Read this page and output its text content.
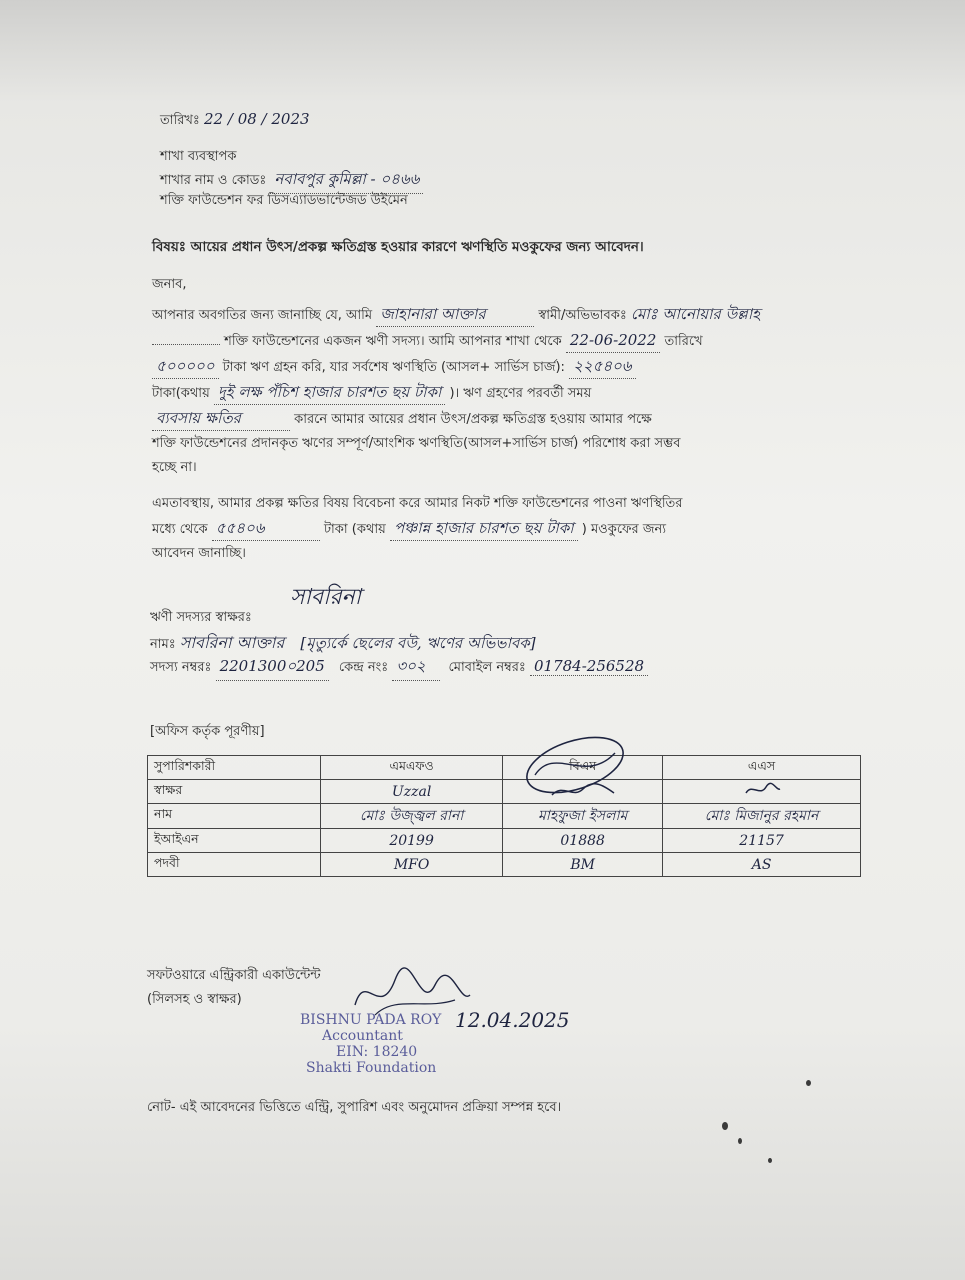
তারিখঃ 22 / 08 / 2023
শাখা ব্যবস্থাপক
শাখার নাম ও কোডঃ নবাবপুর কুমিল্লা - ০৪৬৬
শক্তি ফাউন্ডেশন ফর ডিসএ্যাডভান্টেজড উইমেন
বিষয়ঃ আয়ের প্রধান উৎস/প্রকল্প ক্ষতিগ্রস্ত হওয়ার কারণে ঋণস্থিতি মওকুফের জন্য আবেদন।
জনাব,
আপনার অবগতির জন্য জানাচ্ছি যে, আমি জাহানারা আক্তার	স্বামী/অভিভাবকঃ মোঃ আনোয়ার উল্লাহ
শক্তি ফাউন্ডেশনের একজন ঋণী সদস্য। আমি আপনার শাখা থেকে 22-06-2022 তারিখে
৫০০০০০ টাকা ঋণ গ্রহন করি, যার সর্বশেষ ঋণস্থিতি (আসল+ সার্ভিস চার্জ): ২২৫৪০৬
টাকা(কথায় দুই লক্ষ পঁচিশ হাজার চারশত ছয় টাকা )। ঋণ গ্রহণের পরবর্তী সময়
ব্যবসায় ক্ষতির	কারনে আমার আয়ের প্রধান উৎস/প্রকল্প ক্ষতিগ্রস্ত হওয়ায় আমার পক্ষে
শক্তি ফাউন্ডেশনের প্রদানকৃত ঋণের সম্পূর্ণ/আংশিক ঋণস্থিতি(আসল+সার্ভিস চার্জ) পরিশোধ করা সম্ভব
হচ্ছে না।
এমতাবস্থায়, আমার প্রকল্প ক্ষতির বিষয় বিবেচনা করে আমার নিকট শক্তি ফাউন্ডেশনের পাওনা ঋণস্থিতির
মধ্যে থেকে ৫৫৪০৬	টাকা (কথায় পঞ্চান্ন হাজার চারশত ছয় টাকা ) মওকুফের জন্য
আবেদন জানাচ্ছি।
সাবরিনা
ঋণী সদস্যর স্বাক্ষরঃ
নামঃ সাবরিনা আক্তার [মৃত্যুর্কে ছেলের বউ, ঋণের অভিভাবক]
সদস্য নম্বরঃ 2201300০205 কেন্দ্র নংঃ ৩০২ মোবাইল নম্বরঃ 01784-256528
[অফিস কর্তৃক পূরণীয়]
সুপারিশকারী	এমএফও	বিএম	এএস
স্বাক্ষর	Uzzal		
নাম	মোঃ উজ্জ্বল রানা	মাহফুজা ইসলাম	মোঃ মিজানুর রহমান
ইআইএন	20199	01888	21157
পদবী	MFO	BM	AS
সফটওয়ারে এন্ট্রিকারী একাউন্টেন্ট
(সিলসহ ও স্বাক্ষর)
BISHNU PADA ROY
Accountant
EIN: 18240
Shakti Foundation
12.04.2025
নোট- এই আবেদনের ভিত্তিতে এন্ট্রি, সুপারিশ এবং অনুমোদন প্রক্রিয়া সম্পন্ন হবে।
